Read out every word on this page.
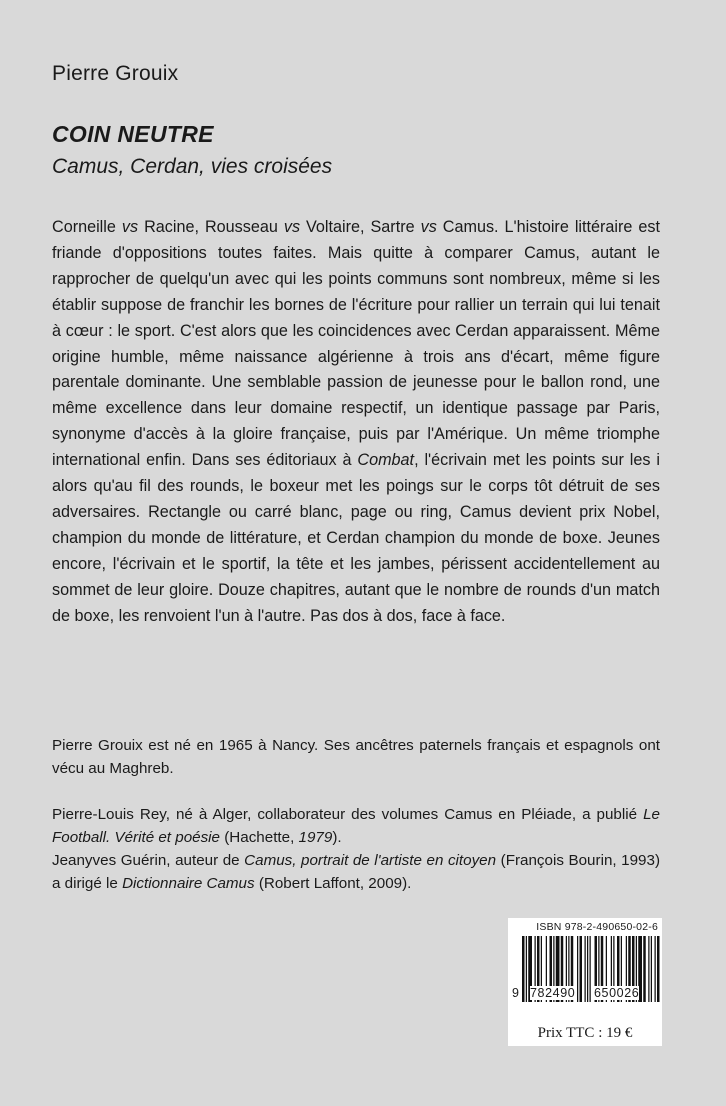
Pierre Grouix
COIN NEUTRE
Camus, Cerdan, vies croisées

Corneille vs Racine, Rousseau vs Voltaire, Sartre vs Camus. L'histoire littéraire est friande d'oppositions toutes faites. Mais quitte à comparer Camus, autant le rapprocher de quelqu'un avec qui les points communs sont nombreux, même si les établir suppose de franchir les bornes de l'écriture pour rallier un terrain qui lui tenait à cœur : le sport. C'est alors que les coincidences avec Cerdan apparaissent. Même origine humble, même naissance algérienne à trois ans d'écart, même figure parentale dominante. Une semblable passion de jeunesse pour le ballon rond, une même excellence dans leur domaine respectif, un identique passage par Paris, synonyme d'accès à la gloire française, puis par l'Amérique. Un même triomphe international enfin. Dans ses éditoriaux à Combat, l'écrivain met les points sur les i alors qu'au fil des rounds, le boxeur met les poings sur le corps tôt détruit de ses adversaires. Rectangle ou carré blanc, page ou ring, Camus devient prix Nobel, champion du monde de littérature, et Cerdan champion du monde de boxe. Jeunes encore, l'écrivain et le sportif, la tête et les jambes, périssent accidentellement au sommet de leur gloire. Douze chapitres, autant que le nombre de rounds d'un match de boxe, les renvoient l'un à l'autre. Pas dos à dos, face à face.

Pierre Grouix est né en 1965 à Nancy. Ses ancêtres paternels français et espagnols ont vécu au Maghreb.

Pierre-Louis Rey, né à Alger, collaborateur des volumes Camus en Pléiade, a publié Le Football. Vérité et poésie (Hachette, 1979).

Jeanyves Guérin, auteur de Camus, portrait de l'artiste en citoyen (François Bourin, 1993) a dirigé le Dictionnaire Camus (Robert Laffont, 2009).

ISBN 978-2-490650-02-6
9 782490 650026
Prix TTC : 19 €
